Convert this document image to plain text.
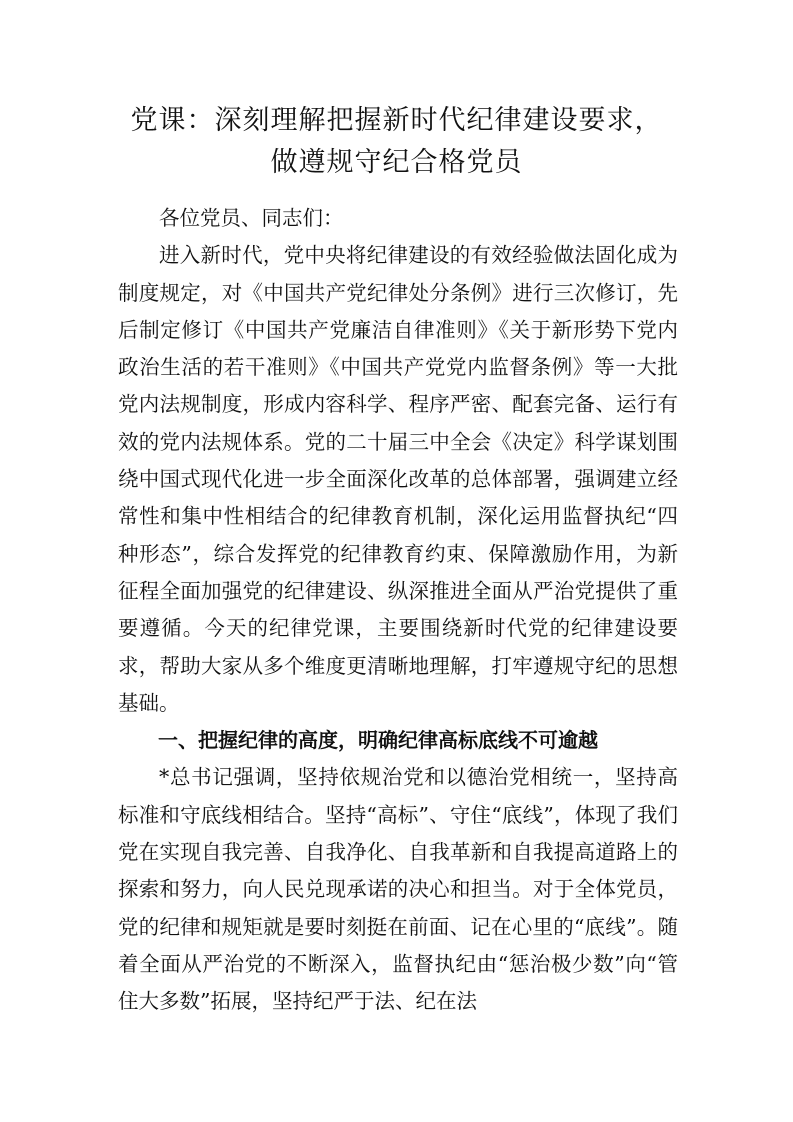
党课：深刻理解把握新时代纪律建设要求，
做遵规守纪合格党员

各位党员、同志们：

进入新时代，党中央将纪律建设的有效经验做法固化成为制度规定，对《中国共产党纪律处分条例》进行三次修订，先后制定修订《中国共产党廉洁自律准则》《关于新形势下党内政治生活的若干准则》《中国共产党党内监督条例》等一大批党内法规制度，形成内容科学、程序严密、配套完备、运行有效的党内法规体系。党的二十届三中全会《决定》科学谋划围绕中国式现代化进一步全面深化改革的总体部署，强调建立经常性和集中性相结合的纪律教育机制，深化运用监督执纪“四种形态”，综合发挥党的纪律教育约束、保障激励作用，为新征程全面加强党的纪律建设、纵深推进全面从严治党提供了重要遵循。今天的纪律党课，主要围绕新时代党的纪律建设要求，帮助大家从多个维度更清晰地理解，打牢遵规守纪的思想基础。

一、把握纪律的高度，明确纪律高标底线不可逾越

*总书记强调，坚持依规治党和以德治党相统一，坚持高标准和守底线相结合。坚持“高标”、守住“底线”，体现了我们党在实现自我完善、自我净化、自我革新和自我提高道路上的探索和努力，向人民兑现承诺的决心和担当。对于全体党员，党的纪律和规矩就是要时刻挺在前面、记在心里的“底线”。随着全面从严治党的不断深入，监督执纪由“惩治极少数”向“管住大多数”拓展，坚持纪严于法、纪在法
